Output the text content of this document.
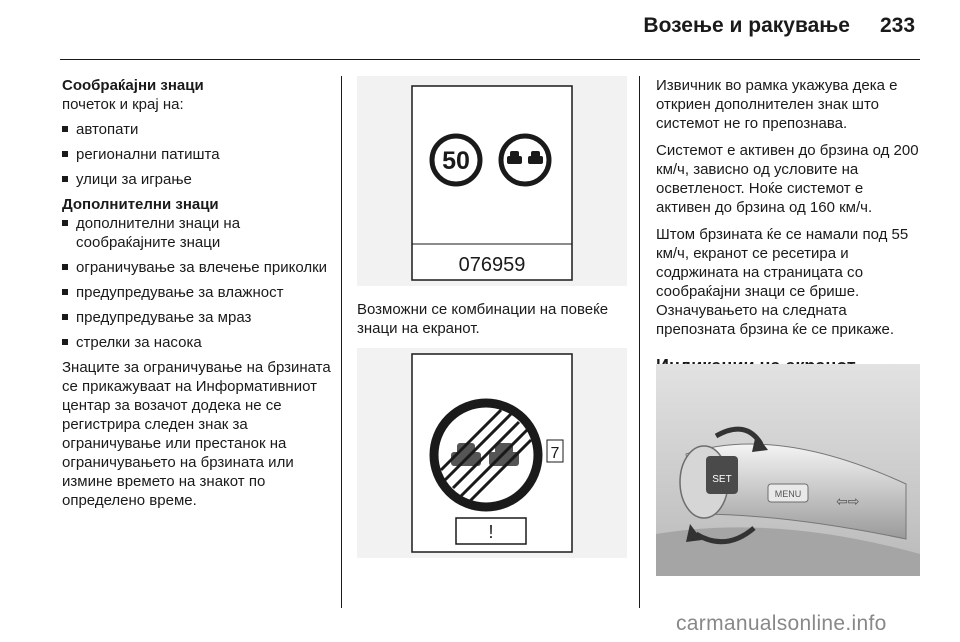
Возење и ракување 233

Сообраќајни знаци

почеток и крај на:

автопати
регионални патишта
улици за играње

Дополнителни знаци

дополнителни знаци на сообраќајните знаци
ограничување за влечење приколки
предупредување за влажност
предупредување за мраз
стрелки за насока

Знаците за ограничување на брзината се прикажуваат на Информативниот центар за возачот додека не се регистрира следен знак за ограничување или престанок на ограничувањето на брзината или измине времето на знакот по определено време.

50
076959

Возможни се комбинации на повеќе знаци на екранот.

7
!

Извичник во рамка укажува дека е откриен дополнителен знак што системот не го препознава.

Системот е активен до брзина од 200 км/ч, зависно од условите на осветленост. Ноќе системот е активен до брзина од 160 км/ч.

Штом брзината ќе се намали под 55 км/ч, екранот се ресетира и содржината на страницата со сообраќајни знаци се брише. Означувањето на следната препозната брзина ќе се прикаже.

SET
MENU ⇦⇨
carmanualsonline.info
